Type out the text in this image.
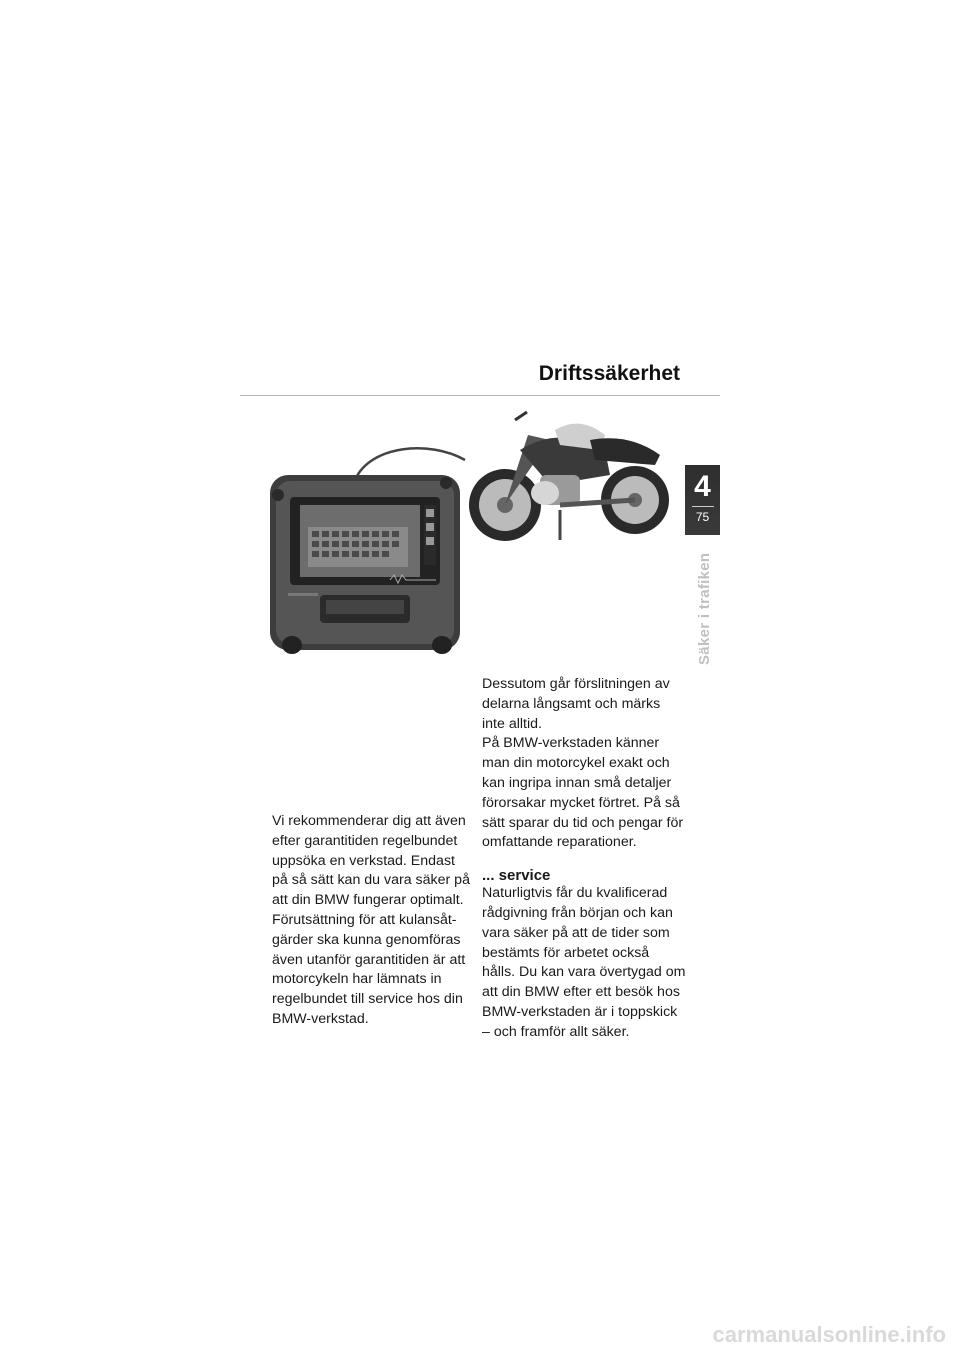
Driftssäkerhet
4
75
Säker i trafiken

Vi rekommenderar dig att även
efter garantitiden regelbundet
uppsöka en verkstad. Endast
på så sätt kan du vara säker på
att din BMW fungerar optimalt.
Förutsättning för att kulansåt-
gärder ska kunna genomföras
även utanför garantitiden är att
motorcykeln har lämnats in
regelbundet till service hos din
BMW-verkstad.

Dessutom går förslitningen av
delarna långsamt och märks
inte alltid.
På BMW-verkstaden känner
man din motorcykel exakt och
kan ingripa innan små detaljer
förorsakar mycket förtret. På så
sätt sparar du tid och pengar för
omfattande reparationer.

... service

Naturligtvis får du kvalificerad
rådgivning från början och kan
vara säker på att de tider som
bestämts för arbetet också
hålls. Du kan vara övertygad om
att din BMW efter ett besök hos
BMW-verkstaden är i toppskick
– och framför allt säker.

carmanualsonline.info
